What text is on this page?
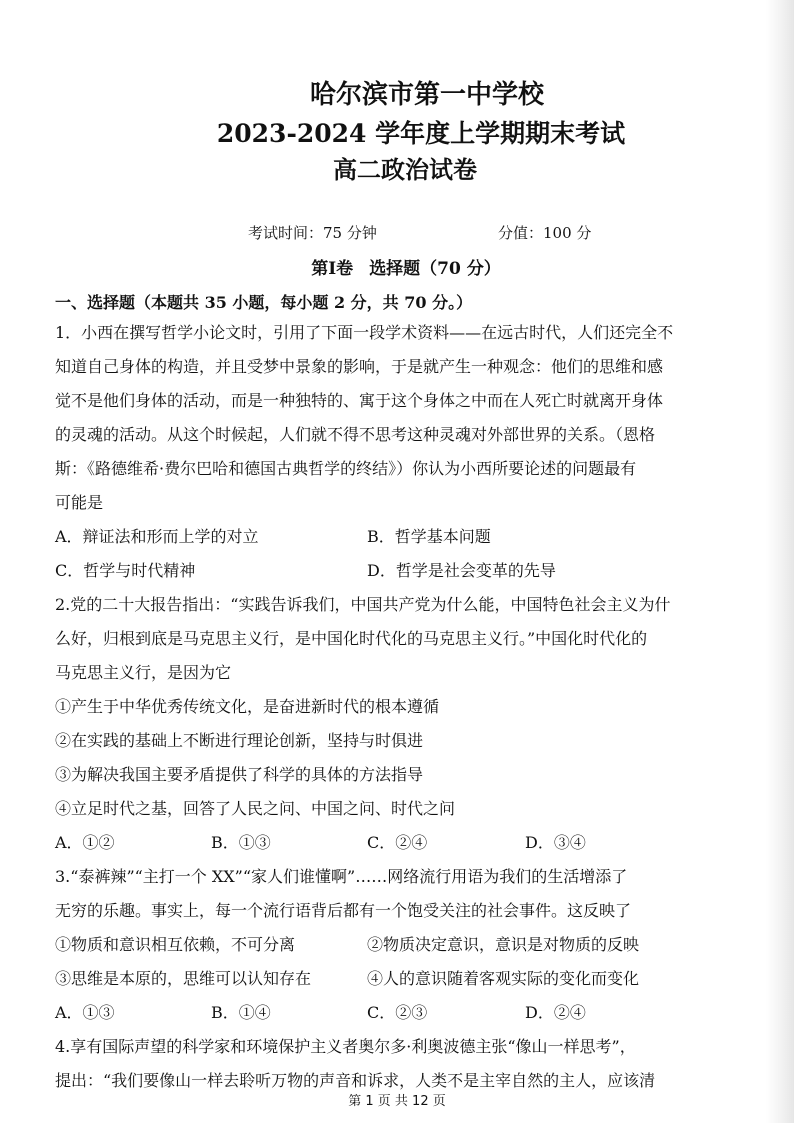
哈尔滨市第一中学校
2023-2024 学年度上学期期末考试
高二政治试卷
考试时间：75 分钟	分值：100 分
第Ⅰ卷 选择题（70 分）
一、选择题（本题共 35 小题，每小题 2 分，共 70 分。）
1．小西在撰写哲学小论文时，引用了下面一段学术资料——在远古时代，人们还完全不
知道自己身体的构造，并且受梦中景象的影响，于是就产生一种观念：他们的思维和感
觉不是他们身体的活动，而是一种独特的、寓于这个身体之中而在人死亡时就离开身体
的灵魂的活动。从这个时候起，人们就不得不思考这种灵魂对外部世界的关系。（恩格
斯：《路德维希·费尔巴哈和德国古典哲学的终结》）你认为小西所要论述的问题最有
可能是
A．辩证法和形而上学的对立	B．哲学基本问题
C．哲学与时代精神	D．哲学是社会变革的先导
2.党的二十大报告指出：“实践告诉我们，中国共产党为什么能，中国特色社会主义为什
么好，归根到底是马克思主义行，是中国化时代化的马克思主义行。”中国化时代化的
马克思主义行，是因为它
①产生于中华优秀传统文化，是奋进新时代的根本遵循
②在实践的基础上不断进行理论创新，坚持与时俱进
③为解决我国主要矛盾提供了科学的具体的方法指导
④立足时代之基，回答了人民之问、中国之问、时代之问
A．①②	B．①③	C．②④	D．③④
3.“泰裤辣”“主打一个 XX”“家人们谁懂啊”……网络流行用语为我们的生活增添了
无穷的乐趣。事实上，每一个流行语背后都有一个饱受关注的社会事件。这反映了
①物质和意识相互依赖，不可分离	②物质决定意识，意识是对物质的反映
③思维是本原的，思维可以认知存在	④人的意识随着客观实际的变化而变化
A．①③	B．①④	C．②③	D．②④
4.享有国际声望的科学家和环境保护主义者奥尔多·利奥波德主张“像山一样思考”，
提出：“我们要像山一样去聆听万物的声音和诉求，人类不是主宰自然的主人，应该清
第 1 页 共 12 页
